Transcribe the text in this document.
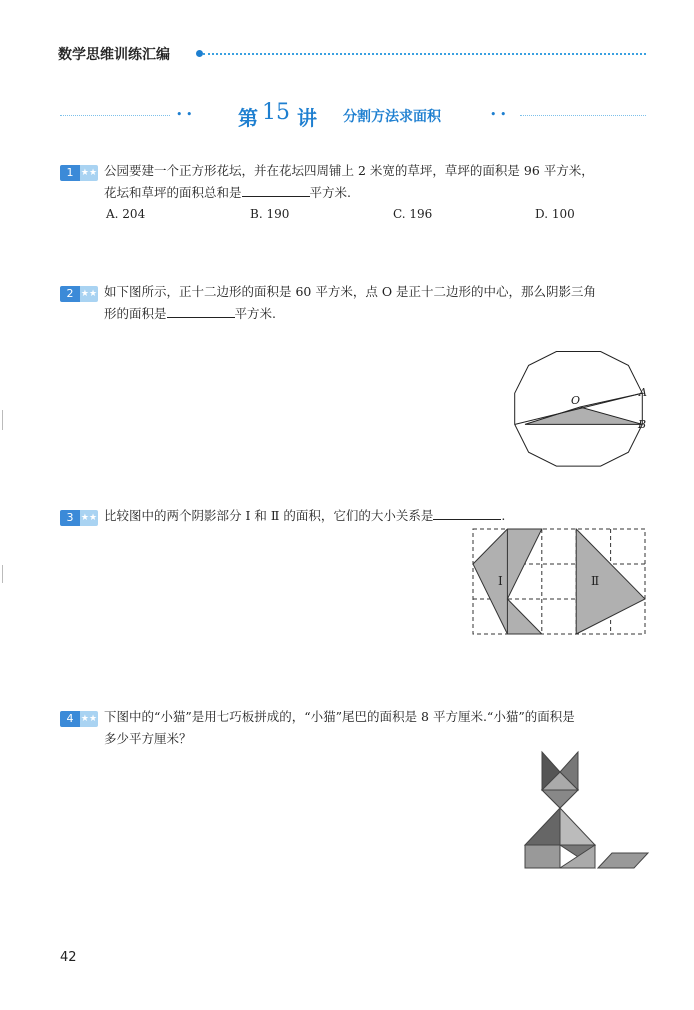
数学思维训练汇编
• • 第 15 讲 分割方法求面积	• •
1 ★★ 公园要建一个正方形花坛，并在花坛四周铺上 2 米宽的草坪，草坪的面积是 96 平方米，
花坛和草坪的面积总和是	平方米.
A. 204	B. 190	C. 196	D. 100
2 ★★ 如下图所示，正十二边形的面积是 60 平方米，点 O 是正十二边形的中心，那么阴影三角
形的面积是	平方米.
O
A
B
3 ★★ 比较图中的两个阴影部分 Ⅰ 和 Ⅱ 的面积，它们的大小关系是	.
Ⅰ	Ⅱ
4 ★★ 下图中的“小猫”是用七巧板拼成的，“小猫”尾巴的面积是 8 平方厘米.“小猫”的面积是
多少平方厘米？
42
